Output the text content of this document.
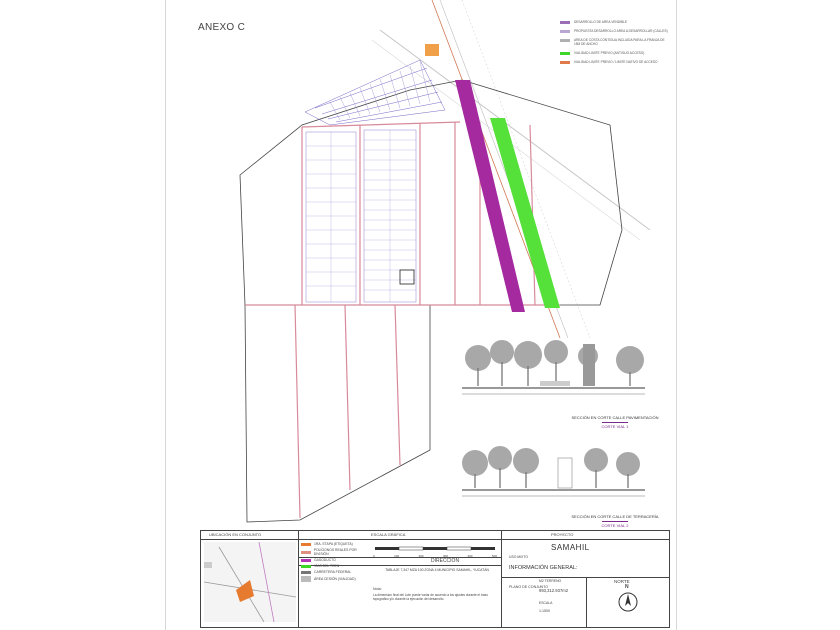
ANEXO C	DESARROLLO DE AREA VENDIBLE
PROPUESTA DESARROLLO AREA A DESARROLLAR (CALLES)
AREA DE COSTA CONTIGUA INCLUIDA PARA LA FRANJA DE 15M DE ANCHO
VIALIDAD LIMITE PREVIO (ANTIGUO ACCESO)
VIALIDAD LIMITE PREVIO / LIMITE NATIVO DE ACCESO
SECCIÓN EN CORTE CALLE PAVIMENTACIÓN
CORTE VIAL 1
SECCIÓN EN CORTE CALLE DE TERRACERÍA
CORTE VIAL 2
UBICACIÓN EN CONJUNTO	ESCALA GRÁFICA	PROYECTO
1RA. ETAPA (ETIQUETA)
POLÍGONOS REALES POR DIVISIÓN
GASODUCTO
VÍAS DEL TREN
CARRETERA FEDERAL
ÁREA CESIÓN (VIALIDAD)
0	100	200	300	400	500
DIRECCIÓN
TABLAJE 7,347 MZA 100 ZONA 4 MUNICIPIO SAMAHIL, YUCATÁN
Nota:
La dimension final del Lote puede variar de acuerdo a los ajustes durante el trazo topografico y/o durante la ejecución del desarrollo.
SAMAHIL
USO MIXTO
INFORMACIÓN GENERAL:
PLANO DE CONJUNTO
M2 TERRENO
993,312.937m2
ESCALA
1:1500
NORTE
N
